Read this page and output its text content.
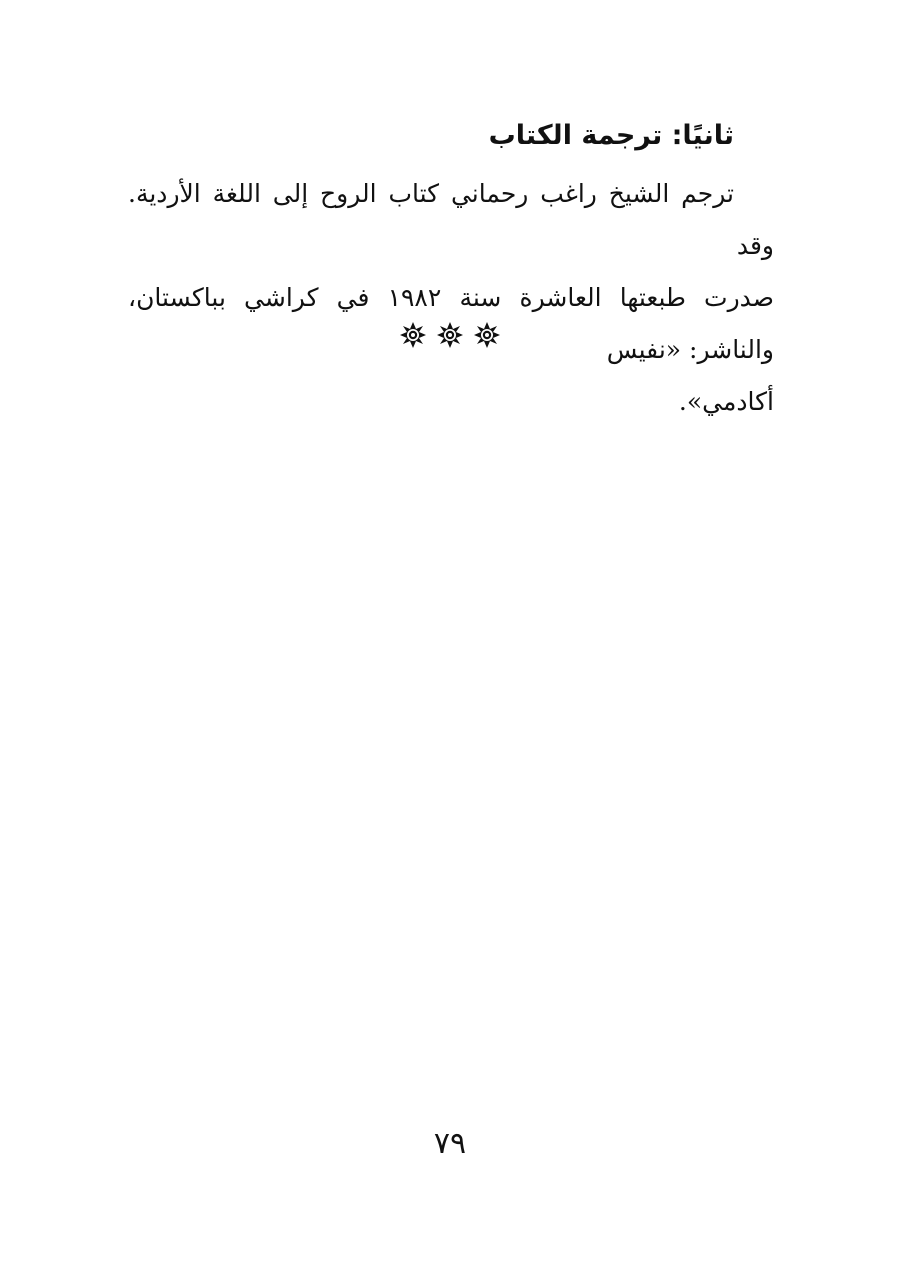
ثانيًا: ترجمة الكتاب
ترجم الشيخ راغب رحماني كتاب الروح إلى اللغة الأردية. وقد
صدرت طبعتها العاشرة سنة ١٩٨٢ في كراشي بباكستان، والناشر: «نفيس
أكادمي».
٧٩
